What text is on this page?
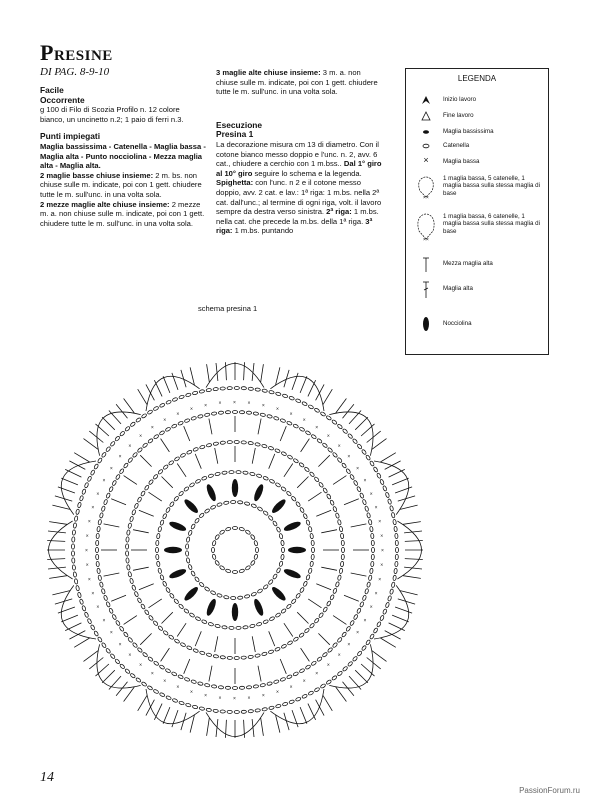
Presine
DI PAG. 8-9-10

Facile

Occorrente

g 100 di Filo di Scozia Profilo n. 12 colore bianco, un uncinetto n.2; 1 paio di ferri n.3.

Punti impiegati

Maglia bassissima - Catenella - Maglia bassa - Maglia alta - Punto nocciolina - Mezza maglia alta - Maglia alta.

2 maglie basse chiuse insieme: 2 m. bs. non chiuse sulle m. indicate, poi con 1 gett. chiudere tutte le m. sull'unc. in una volta sola.

2 mezze maglie alte chiuse insieme: 2 mezze m. a. non chiuse sulle m. indicate, poi con 1 gett. chiudere tutte le m. sull'unc. in una volta sola.

3 maglie alte chiuse insieme: 3 m. a. non chiuse sulle m. indicate, poi con 1 gett. chiudere tutte le m. sull'unc. in una volta sola.

Esecuzione

Presina 1

La decorazione misura cm 13 di diametro. Con il cotone bianco messo doppio e l'unc. n. 2, avv. 6 cat., chiudere a cerchio con 1 m.bss.. Dal 1° giro al 10° giro seguire lo schema e la legenda.

Spighetta: con l'unc. n 2 e il cotone messo doppio, avv. 2 cat. e lav.: 1ª riga: 1 m.bs. nella 2ª cat. dall'unc.; al termine di ogni riga, volt. il lavoro sempre da destra verso sinistra. 2ª riga: 1 m.bs. nella cat. che precede la m.bs. della 1ª riga. 3ª riga: 1 m.bs. puntando

LEGENDA
Inizio lavoro
Fine lavoro
Maglia bassissima
Catenella
×	Maglia bassa
××
1 maglia bassa, 5 catenelle, 1 maglia bassa sulla stessa maglia di base
××
1 maglia bassa, 6 catenelle, 1 maglia bassa sulla stessa maglia di base
Mezza maglia alta
Maglia alta
Nocciolina
schema presina 1
×
×
×
×
×
×
×
×
×
×
×
×
×
×
×
×
×
×
×
×
×
×
×
×
×
×
×
×
×
×
×
×
×
×
×
×
×
×
×
×
×
×
×
×
×
×
× × × × ×
×
×
×
×
×
×
×
×
×
×
×
×
×
14
PassionForum.ru
